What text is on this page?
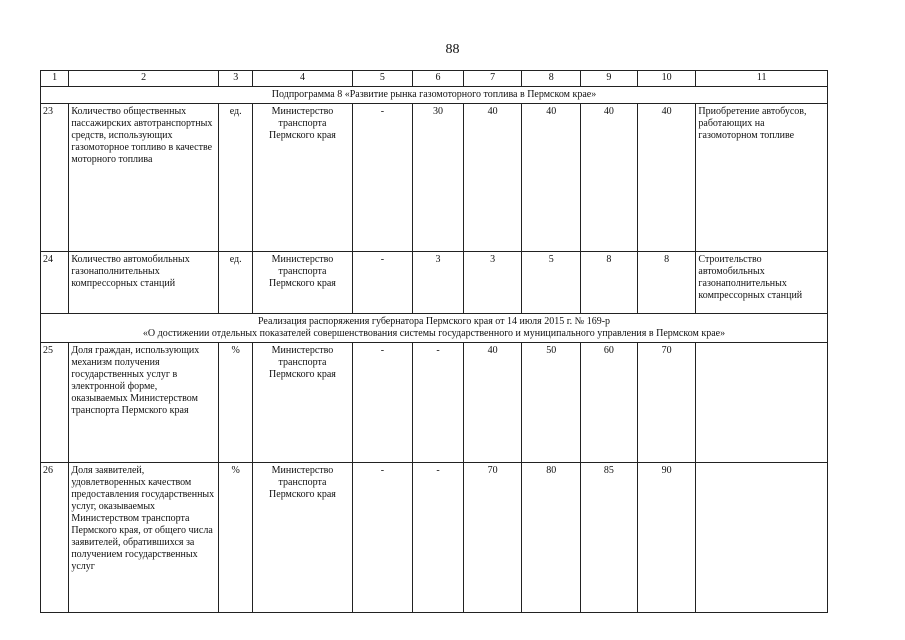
88
1	2	3	4	5	6	7	8	9	10	11
Подпрограмма 8 «Развитие рынка газомоторного топлива в Пермском крае»										
23	Количество общественных пассажирских автотранспортных средств, использующих газомоторное топливо в качестве моторного топлива	ед.	Министерство транспорта Пермского края	-	30	40	40	40	40	Приобретение автобусов, работающих на газомоторном топливе
24	Количество автомобильных газонаполнительных компрессорных станций	ед.	Министерство транспорта Пермского края	-	3	3	5	8	8	Строительство автомобильных газонаполнительных компрессорных станций

Реализация распоряжения губернатора Пермского края от 14 июля 2015 г. № 169-р
«О достижении отдельных показателей совершенствования системы государственного и муниципального управления в Пермском крае»										

25	Доля граждан, использующих механизм получения государственных услуг в электронной форме, оказываемых Министерством транспорта Пермского края	%	Министерство транспорта Пермского края	-	-	40	50	60	70	
26	Доля заявителей, удовлетворенных качеством предоставления государственных услуг, оказываемых Министерством транспорта Пермского края, от общего числа заявителей, обратившихся за получением государственных услуг	%	Министерство транспорта Пермского края	-	-	70	80	85	90	
